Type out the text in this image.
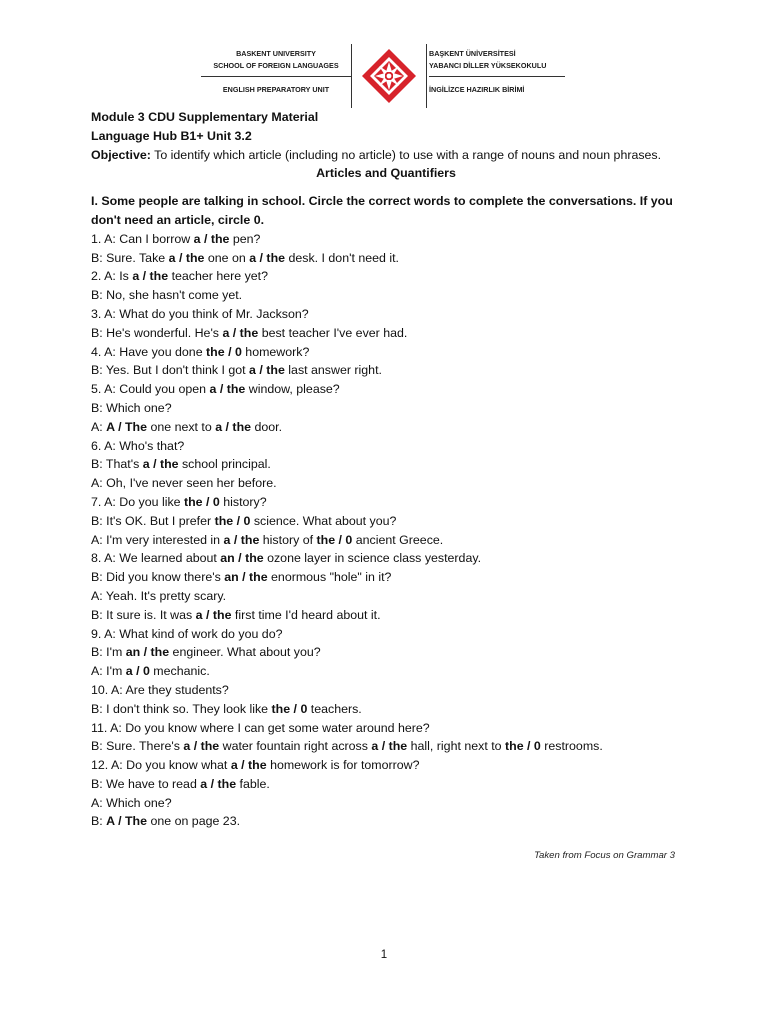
BASKENT UNIVERSITY
SCHOOL OF FOREIGN LANGUAGES
ENGLISH PREPARATORY UNIT
BAŞKENT ÜNİVERSİTESİ
YABANCI DİLLER YÜKSEKOKULU
İNGİLİZCE HAZIRLIK BİRİMİ
Module 3 CDU Supplementary Material
Language Hub B1+ Unit 3.2
Objective: To identify which article (including no article) to use with a range of nouns and noun phrases.
Articles and Quantifiers
I. Some people are talking in school. Circle the correct words to complete the conversations. If you don't need an article, circle 0.
1. A: Can I borrow a / the pen?
B: Sure. Take a / the one on a / the desk. I don't need it.
2. A: Is a / the teacher here yet?
B: No, she hasn't come yet.
3. A: What do you think of Mr. Jackson?
B: He's wonderful. He's a / the best teacher I've ever had.
4. A: Have you done the / 0 homework?
B: Yes. But I don't think I got a / the last answer right.
5. A: Could you open a / the window, please?
B: Which one?
A: A / The one next to a / the door.
6. A: Who's that?
B: That's a / the school principal.
A: Oh, I've never seen her before.
7. A: Do you like the / 0 history?
B: It's OK. But I prefer the / 0 science. What about you?
A: I'm very interested in a / the history of the / 0 ancient Greece.
8. A: We learned about an / the ozone layer in science class yesterday.
B: Did you know there's an / the enormous "hole" in it?
A: Yeah. It's pretty scary.
B: It sure is. It was a / the first time I'd heard about it.
9. A: What kind of work do you do?
B: I'm an / the engineer. What about you?
A: I'm a / 0 mechanic.
10. A: Are they students?
B: I don't think so. They look like the / 0 teachers.
11. A: Do you know where I can get some water around here?
B: Sure. There's a / the water fountain right across a / the hall, right next to the / 0 restrooms.
12. A: Do you know what a / the homework is for tomorrow?
B: We have to read a / the fable.
A: Which one?
B: A / The one on page 23.
Taken from Focus on Grammar 3
1
